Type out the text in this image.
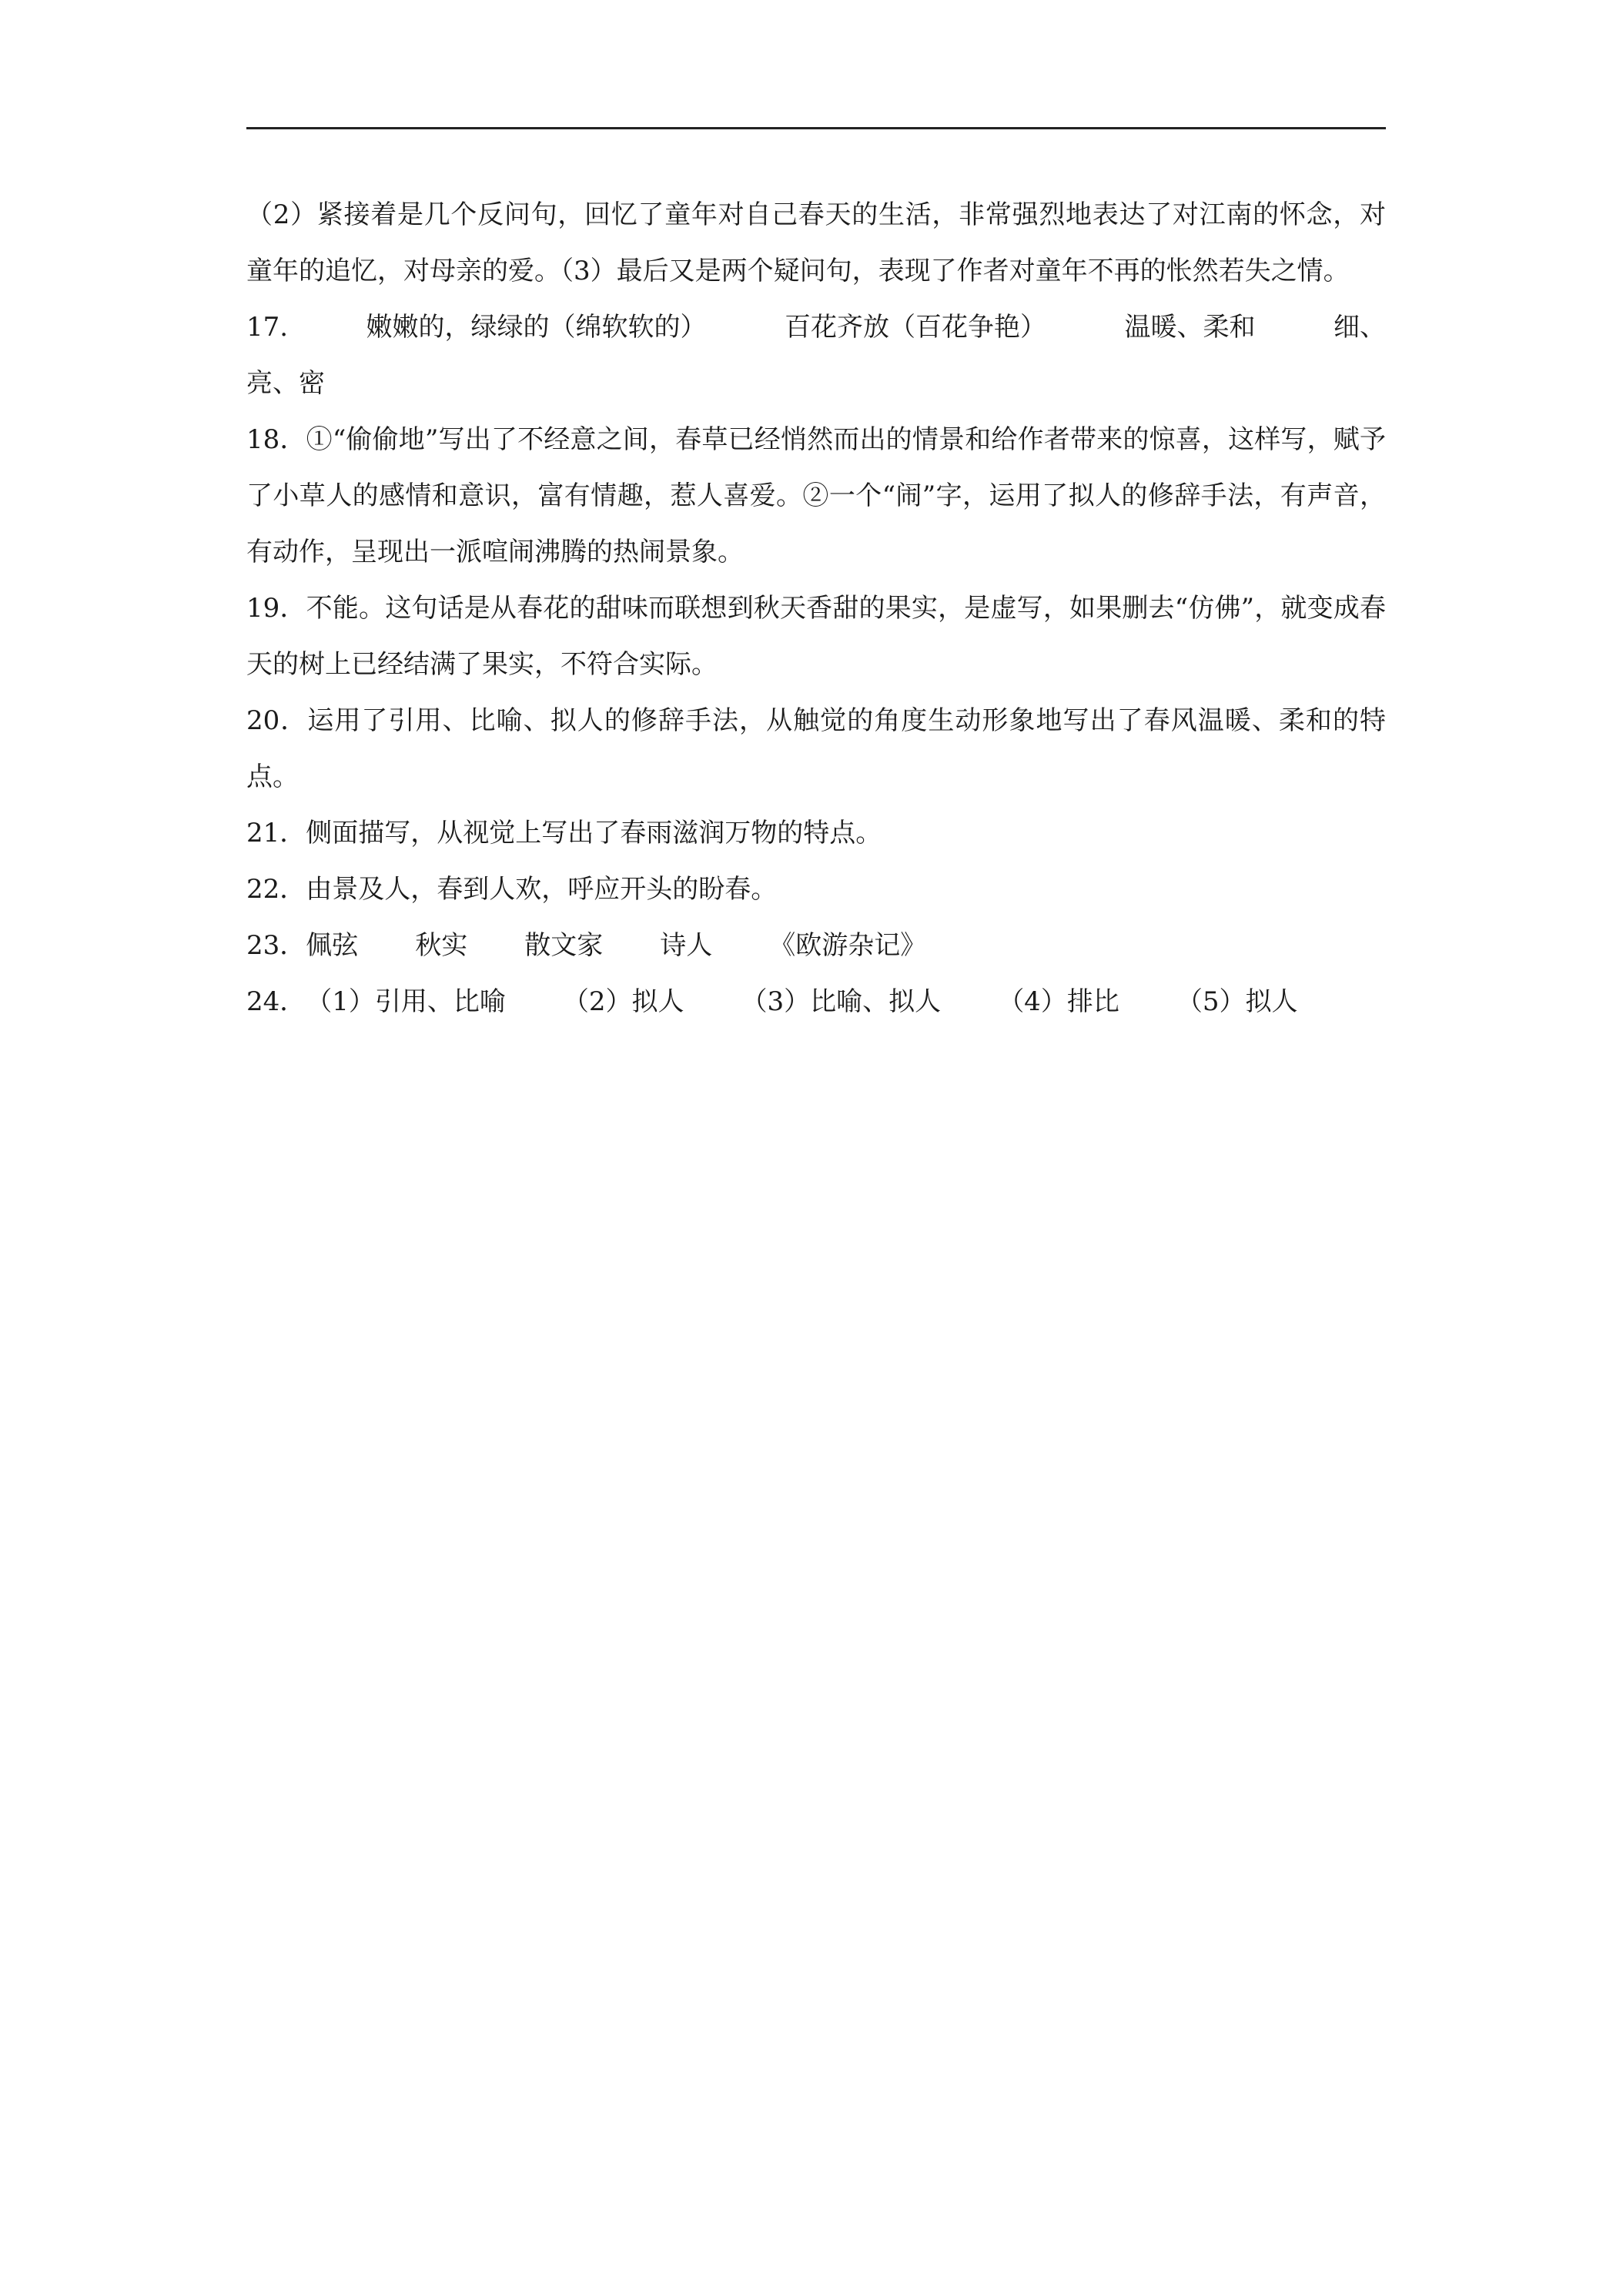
（2）紧接着是几个反问句，回忆了童年对自己春天的生活，非常强烈地表达了对江南的怀念，对童年的追忆，对母亲的爱。（3）最后又是两个疑问句，表现了作者对童年不再的怅然若失之情。

17.	嫩嫩的，绿绿的（绵软软的）	百花齐放（百花争艳）	温暖、柔和	细、

亮、密

18．①“偷偷地”写出了不经意之间，春草已经悄然而出的情景和给作者带来的惊喜，这样写，赋予了小草人的感情和意识，富有情趣，惹人喜爱。②一个“闹”字，运用了拟人的修辞手法，有声音，有动作，呈现出一派喧闹沸腾的热闹景象。

19．不能。这句话是从春花的甜味而联想到秋天香甜的果实，是虚写，如果删去“仿佛”，就变成春天的树上已经结满了果实，不符合实际。

20．运用了引用、比喻、拟人的修辞手法，从触觉的角度生动形象地写出了春风温暖、柔和的特点。

21．侧面描写，从视觉上写出了春雨滋润万物的特点。

22．由景及人，春到人欢，呼应开头的盼春。

23． 佩弦 秋实 散文家 诗人 《欧游杂记》
24． （1）引用、比喻 （2）拟人 （3）比喻、拟人 （4）排比 （5）拟人
